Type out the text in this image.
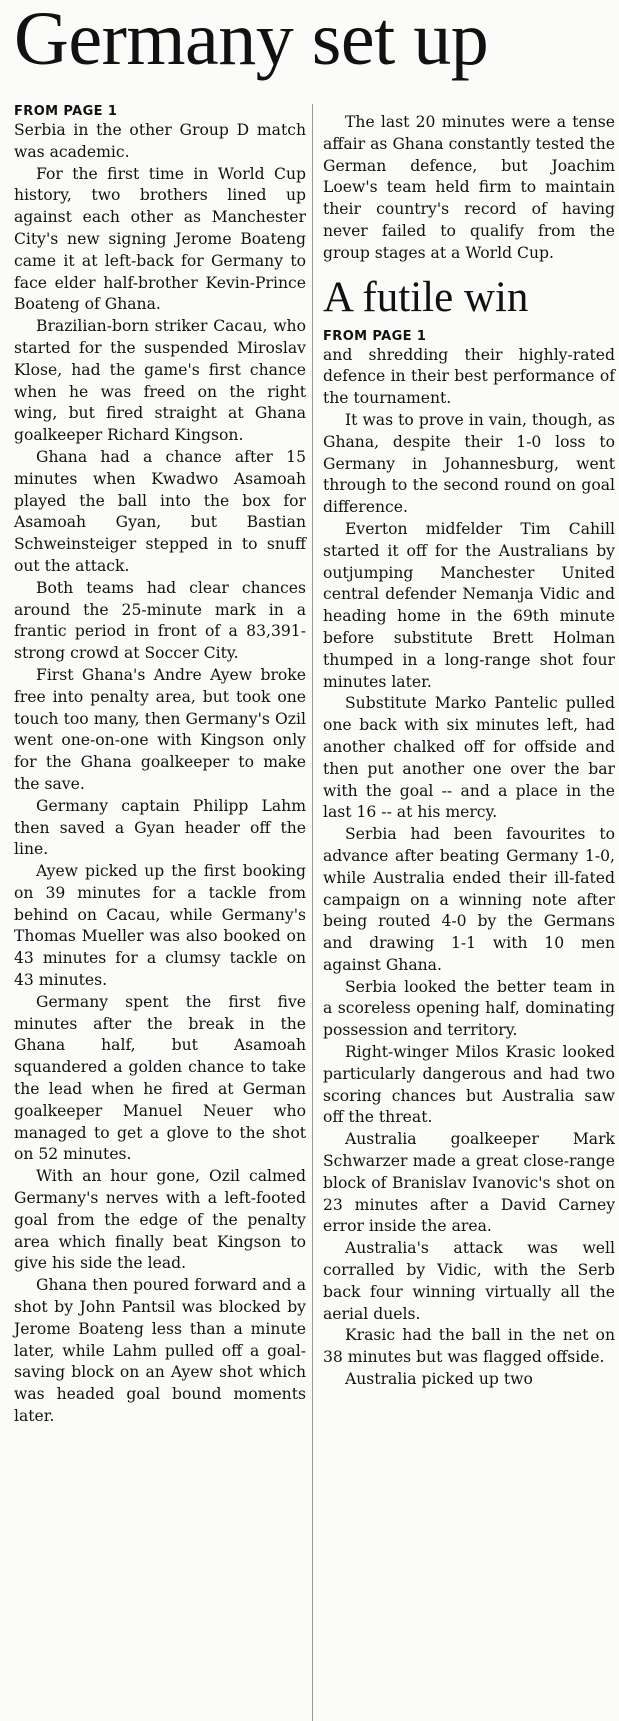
Germany set up
FROM PAGE 1

Serbia in the other Group D match was academic.

For the first time in World Cup history, two brothers lined up against each other as Manchester City's new signing Jerome Boateng came it at left-back for Germany to face elder half-brother Kevin-Prince Boateng of Ghana.

Brazilian-born striker Cacau, who started for the suspended Miroslav Klose, had the game's first chance when he was freed on the right wing, but fired straight at Ghana goalkeeper Richard Kingson.

Ghana had a chance after 15 minutes when Kwadwo Asamoah played the ball into the box for Asamoah Gyan, but Bastian Schweinsteiger stepped in to snuff out the attack.

Both teams had clear chances around the 25-minute mark in a frantic period in front of a 83,391-strong crowd at Soccer City.

First Ghana's Andre Ayew broke free into penalty area, but took one touch too many, then Germany's Ozil went one-on-one with Kingson only for the Ghana goalkeeper to make the save.

Germany captain Philipp Lahm then saved a Gyan header off the line.

Ayew picked up the first booking on 39 minutes for a tackle from behind on Cacau, while Germany's Thomas Mueller was also booked on 43 minutes for a clumsy tackle on 43 minutes.

Germany spent the first five minutes after the break in the Ghana half, but Asamoah squandered a golden chance to take the lead when he fired at German goalkeeper Manuel Neuer who managed to get a glove to the shot on 52 minutes.

With an hour gone, Ozil calmed Germany's nerves with a left-footed goal from the edge of the penalty area which finally beat Kingson to give his side the lead.

Ghana then poured forward and a shot by John Pantsil was blocked by Jerome Boateng less than a minute later, while Lahm pulled off a goal-saving block on an Ayew shot which was headed goal bound moments later.

The last 20 minutes were a tense affair as Ghana constantly tested the German defence, but Joachim Loew's team held firm to maintain their country's record of having never failed to qualify from the group stages at a World Cup.

A futile win
FROM PAGE 1

and shredding their highly-rated defence in their best performance of the tournament.

It was to prove in vain, though, as Ghana, despite their 1-0 loss to Germany in Johannesburg, went through to the second round on goal difference.

Everton midfelder Tim Cahill started it off for the Australians by outjumping Manchester United central defender Nemanja Vidic and heading home in the 69th minute before substitute Brett Holman thumped in a long-range shot four minutes later.

Substitute Marko Pantelic pulled one back with six minutes left, had another chalked off for offside and then put another one over the bar with the goal -- and a place in the last 16 -- at his mercy.

Serbia had been favourites to advance after beating Germany 1-0, while Australia ended their ill-fated campaign on a winning note after being routed 4-0 by the Germans and drawing 1-1 with 10 men against Ghana.

Serbia looked the better team in a scoreless opening half, dominating possession and territory.

Right-winger Milos Krasic looked particularly dangerous and had two scoring chances but Australia saw off the threat.

Australia goalkeeper Mark Schwarzer made a great close-range block of Branislav Ivanovic's shot on 23 minutes after a David Carney error inside the area.

Australia's attack was well corralled by Vidic, with the Serb back four winning virtually all the aerial duels.

Krasic had the ball in the net on 38 minutes but was flagged offside.

Australia picked up two
